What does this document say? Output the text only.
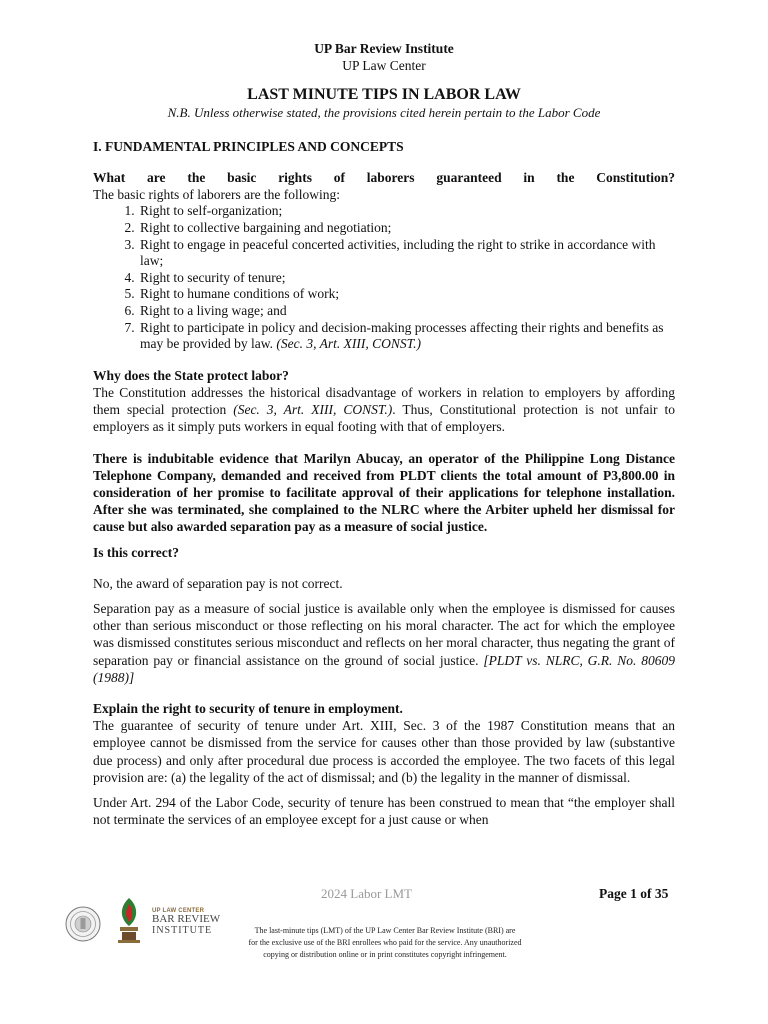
UP Bar Review Institute
UP Law Center
LAST MINUTE TIPS IN LABOR LAW
N.B. Unless otherwise stated, the provisions cited herein pertain to the Labor Code
I. FUNDAMENTAL PRINCIPLES AND CONCEPTS

What are the basic rights of laborers guaranteed in the Constitution?

The basic rights of laborers are the following:

1. Right to self-organization;
2. Right to collective bargaining and negotiation;
3. Right to engage in peaceful concerted activities, including the right to strike in accordance with law;
4. Right to security of tenure;
5. Right to humane conditions of work;
6. Right to a living wage; and
7. Right to participate in policy and decision-making processes affecting their rights and benefits as may be provided by law. (Sec. 3, Art. XIII, CONST.)

Why does the State protect labor?

The Constitution addresses the historical disadvantage of workers in relation to employers by affording them special protection (Sec. 3, Art. XIII, CONST.). Thus, Constitutional protection is not unfair to employers as it simply puts workers in equal footing with that of employers.

There is indubitable evidence that Marilyn Abucay, an operator of the Philippine Long Distance Telephone Company, demanded and received from PLDT clients the total amount of P3,800.00 in consideration of her promise to facilitate approval of their applications for telephone installation. After she was terminated, she complained to the NLRC where the Arbiter upheld her dismissal for cause but also awarded separation pay as a measure of social justice.

Is this correct?

No, the award of separation pay is not correct.

Separation pay as a measure of social justice is available only when the employee is dismissed for causes other than serious misconduct or those reflecting on his moral character. The act for which the employee was dismissed constitutes serious misconduct and reflects on her moral character, thus negating the grant of separation pay or financial assistance on the ground of social justice. [PLDT vs. NLRC, G.R. No. 80609 (1988)]

Explain the right to security of tenure in employment.

The guarantee of security of tenure under Art. XIII, Sec. 3 of the 1987 Constitution means that an employee cannot be dismissed from the service for causes other than those provided by law (substantive due process) and only after procedural due process is accorded the employee. The two facets of this legal provision are: (a) the legality of the act of dismissal; and (b) the legality in the manner of dismissal.

Under Art. 294 of the Labor Code, security of tenure has been construed to mean that “the employer shall not terminate the services of an employee except for a just cause or when

2024 Labor LMT	Page 1 of 35
UP LAW CENTER
BAR REVIEW
INSTITUTE	The last-minute tips (LMT) of the UP Law Center Bar Review Institute (BRI) are
for the exclusive use of the BRI enrollees who paid for the service. Any unauthorized
copying or distribution online or in print constitutes copyright infringement.
